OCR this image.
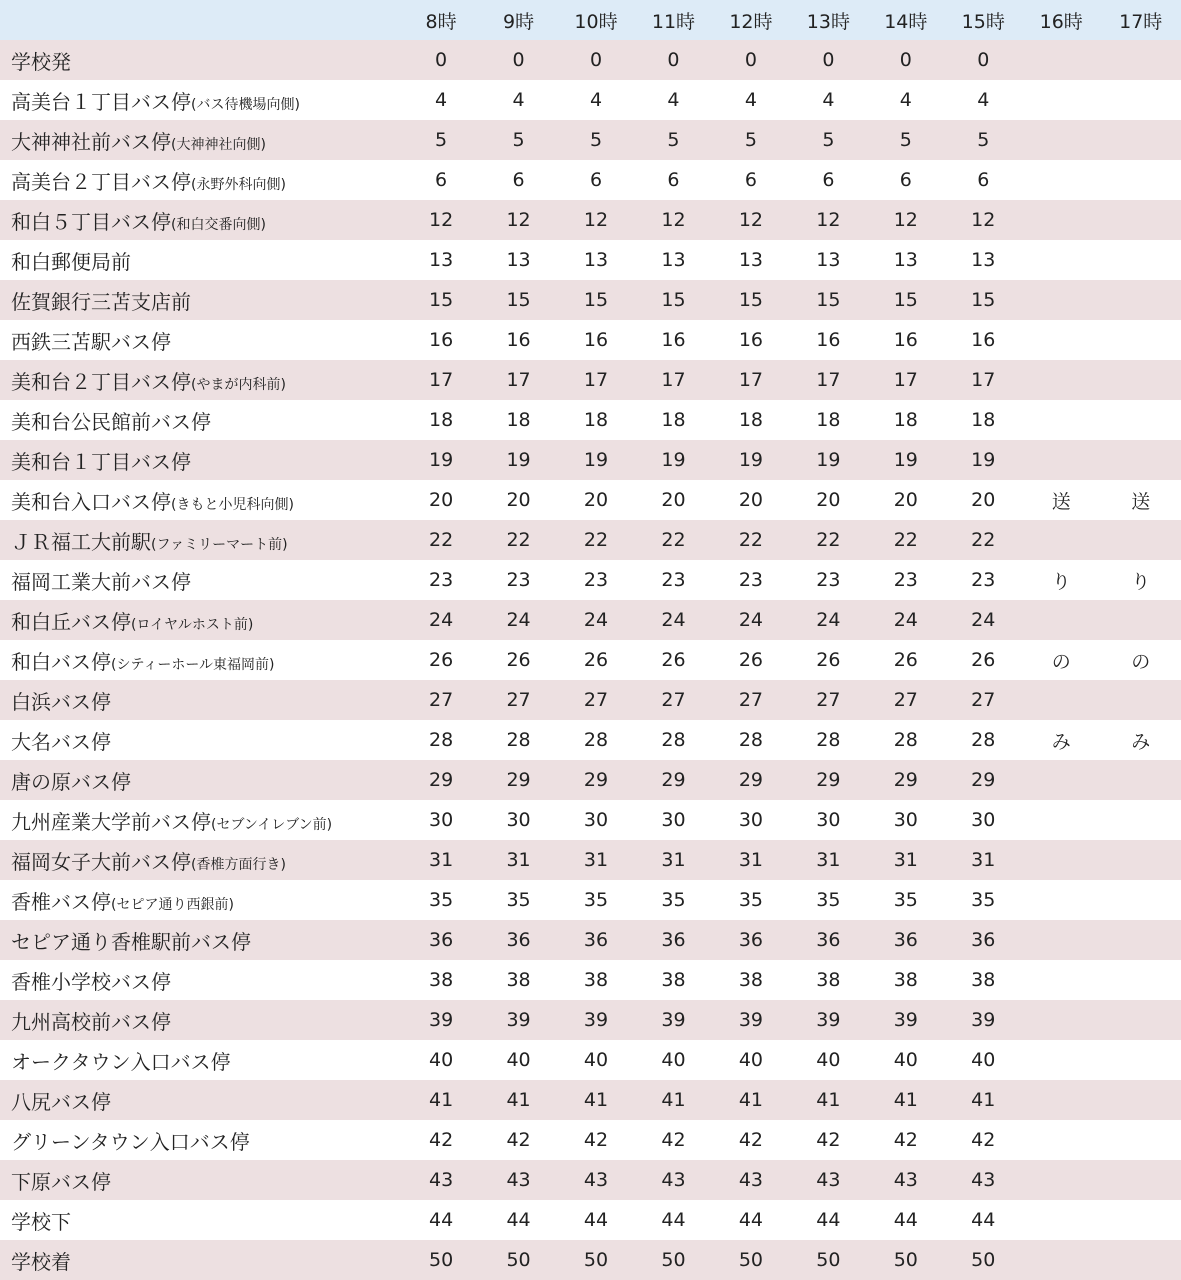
	8時	9時	10時	11時	12時	13時	14時	15時	16時	17時
学校発	0	0	0	0	0	0	0	0		
高美台１丁目バス停(バス待機場向側)	4	4	4	4	4	4	4	4		
大神神社前バス停(大神神社向側)	5	5	5	5	5	5	5	5		
高美台２丁目バス停(永野外科向側)	6	6	6	6	6	6	6	6		
和白５丁目バス停(和白交番向側)	12	12	12	12	12	12	12	12		
和白郵便局前	13	13	13	13	13	13	13	13		
佐賀銀行三苫支店前	15	15	15	15	15	15	15	15		
西鉄三苫駅バス停	16	16	16	16	16	16	16	16		
美和台２丁目バス停(やまが内科前)	17	17	17	17	17	17	17	17		
美和台公民館前バス停	18	18	18	18	18	18	18	18		
美和台１丁目バス停	19	19	19	19	19	19	19	19		
美和台入口バス停(きもと小児科向側)	20	20	20	20	20	20	20	20	送	送
ＪＲ福工大前駅(ファミリーマート前)	22	22	22	22	22	22	22	22		
福岡工業大前バス停	23	23	23	23	23	23	23	23	り	り
和白丘バス停(ロイヤルホスト前)	24	24	24	24	24	24	24	24		
和白バス停(シティーホール東福岡前)	26	26	26	26	26	26	26	26	の	の
白浜バス停	27	27	27	27	27	27	27	27		
大名バス停	28	28	28	28	28	28	28	28	み	み
唐の原バス停	29	29	29	29	29	29	29	29		
九州産業大学前バス停(セブンイレブン前)	30	30	30	30	30	30	30	30		
福岡女子大前バス停(香椎方面行き)	31	31	31	31	31	31	31	31		
香椎バス停(セピア通り西銀前)	35	35	35	35	35	35	35	35		
セピア通り香椎駅前バス停	36	36	36	36	36	36	36	36		
香椎小学校バス停	38	38	38	38	38	38	38	38		
九州高校前バス停	39	39	39	39	39	39	39	39		
オークタウン入口バス停	40	40	40	40	40	40	40	40		
八尻バス停	41	41	41	41	41	41	41	41		
グリーンタウン入口バス停	42	42	42	42	42	42	42	42		
下原バス停	43	43	43	43	43	43	43	43		
学校下	44	44	44	44	44	44	44	44		
学校着	50	50	50	50	50	50	50	50		
